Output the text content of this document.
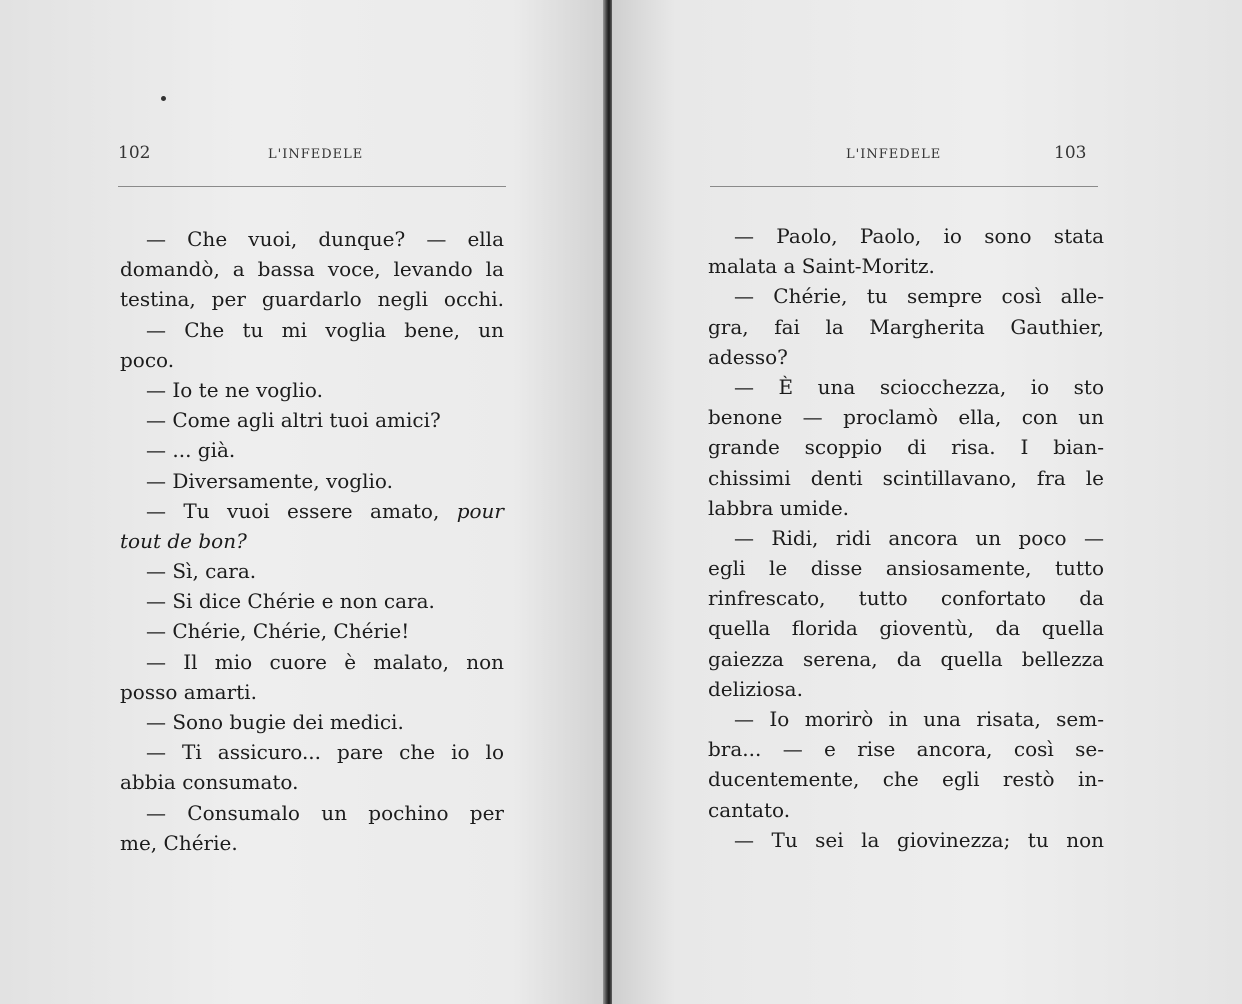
102	L'INFEDELE
— Che vuoi, dunque? — ella
domandò, a bassa voce, levando la
testina, per guardarlo negli occhi.
— Che tu mi voglia bene, un
poco.
— Io te ne voglio.
— Come agli altri tuoi amici?
— ... già.
— Diversamente, voglio.
— Tu vuoi essere amato, pour
tout de bon?
— Sì, cara.
— Si dice Chérie e non cara.
— Chérie, Chérie, Chérie!
— Il mio cuore è malato, non
posso amarti.
— Sono bugie dei medici.
— Ti assicuro... pare che io lo
abbia consumato.
— Consumalo un pochino per
me, Chérie.
L'INFEDELE	103
— Paolo, Paolo, io sono stata
malata a Saint-Moritz.
— Chérie, tu sempre così alle-
gra, fai la Margherita Gauthier,
adesso?
— È una sciocchezza, io sto
benone — proclamò ella, con un
grande scoppio di risa. I bian-
chissimi denti scintillavano, fra le
labbra umide.
— Ridi, ridi ancora un poco —
egli le disse ansiosamente, tutto
rinfrescato, tutto confortato da
quella florida gioventù, da quella
gaiezza serena, da quella bellezza
deliziosa.
— Io morirò in una risata, sem-
bra... — e rise ancora, così se-
ducentemente, che egli restò in-
cantato.
— Tu sei la giovinezza; tu non
